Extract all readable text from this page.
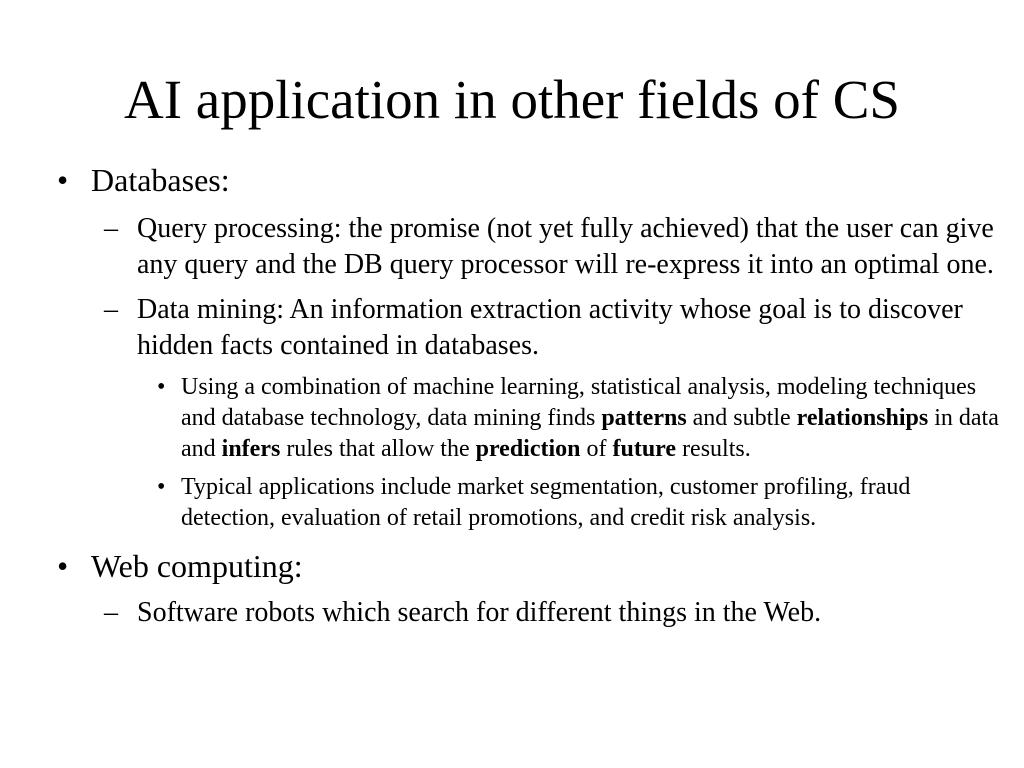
AI application in other fields of CS
• Databases:
– Query processing: the promise (not yet fully achieved) that the user can give any query and the DB query processor will re-express it into an optimal one.
– Data mining: An information extraction activity whose goal is to discover hidden facts contained in databases.
• Using a combination of machine learning, statistical analysis, modeling techniques and database technology, data mining finds patterns and subtle relationships in data and infers rules that allow the prediction of future results.
• Typical applications include market segmentation, customer profiling, fraud detection, evaluation of retail promotions, and credit risk analysis.
• Web computing:
– Software robots which search for different things in the Web.
